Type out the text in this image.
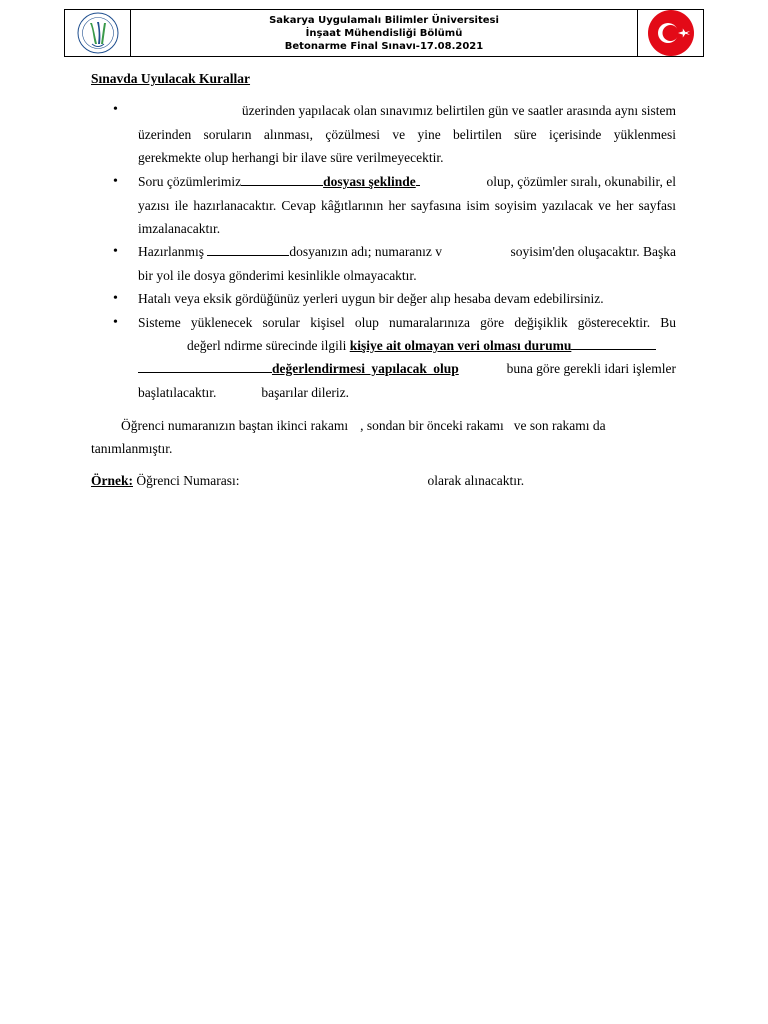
Sakarya Uygulamalı Bilimler Üniversitesi
İnşaat Mühendisliği Bölümü
Betonarme Final Sınavı-17.08.2021
Sınavda Uyulacak Kurallar
•	üzerinden yapılacak olan sınavımız belirtilen gün ve saatler arasında aynı sistem
üzerinden soruların alınması, çözülmesi ve yine belirtilen süre içerisinde yüklenmesi
gerekmekte olup herhangi bir ilave süre verilmeyecektir.
• Soru çözümlerimiz	dosyası şeklinde	olup, çözümler sıralı, okunabilir, el
yazısı ile hazırlanacaktır. Cevap kâğıtlarının her sayfasına isim soyisim yazılacak ve her sayfası
imzalanacaktır.
• Hazırlanmış	dosyanızın adı; numaranız v	soyisim'den oluşacaktır. Başka
bir yol ile dosya gönderimi kesinlikle olmayacaktır.
• Hatalı veya eksik gördüğünüz yerleri uygun bir değer alıp hesaba devam edebilirsiniz.
• Sisteme yüklenecek sorular kişisel olup numaralarınıza göre değişiklik gösterecektir. Bu
değerl ndirme sürecinde ilgili kişiye ait olmayan veri olması durumu
değerlendirmesi yapılacak olup	buna göre gerekli idari işlemler
başlatılacaktır.	başarılar dileriz.
Öğrenci numaranızın baştan ikinci rakamı , sondan bir önceki rakamı ve son rakamı da
tanımlanmıştır.
Örnek: Öğrenci Numarası:	olarak alınacaktır.
